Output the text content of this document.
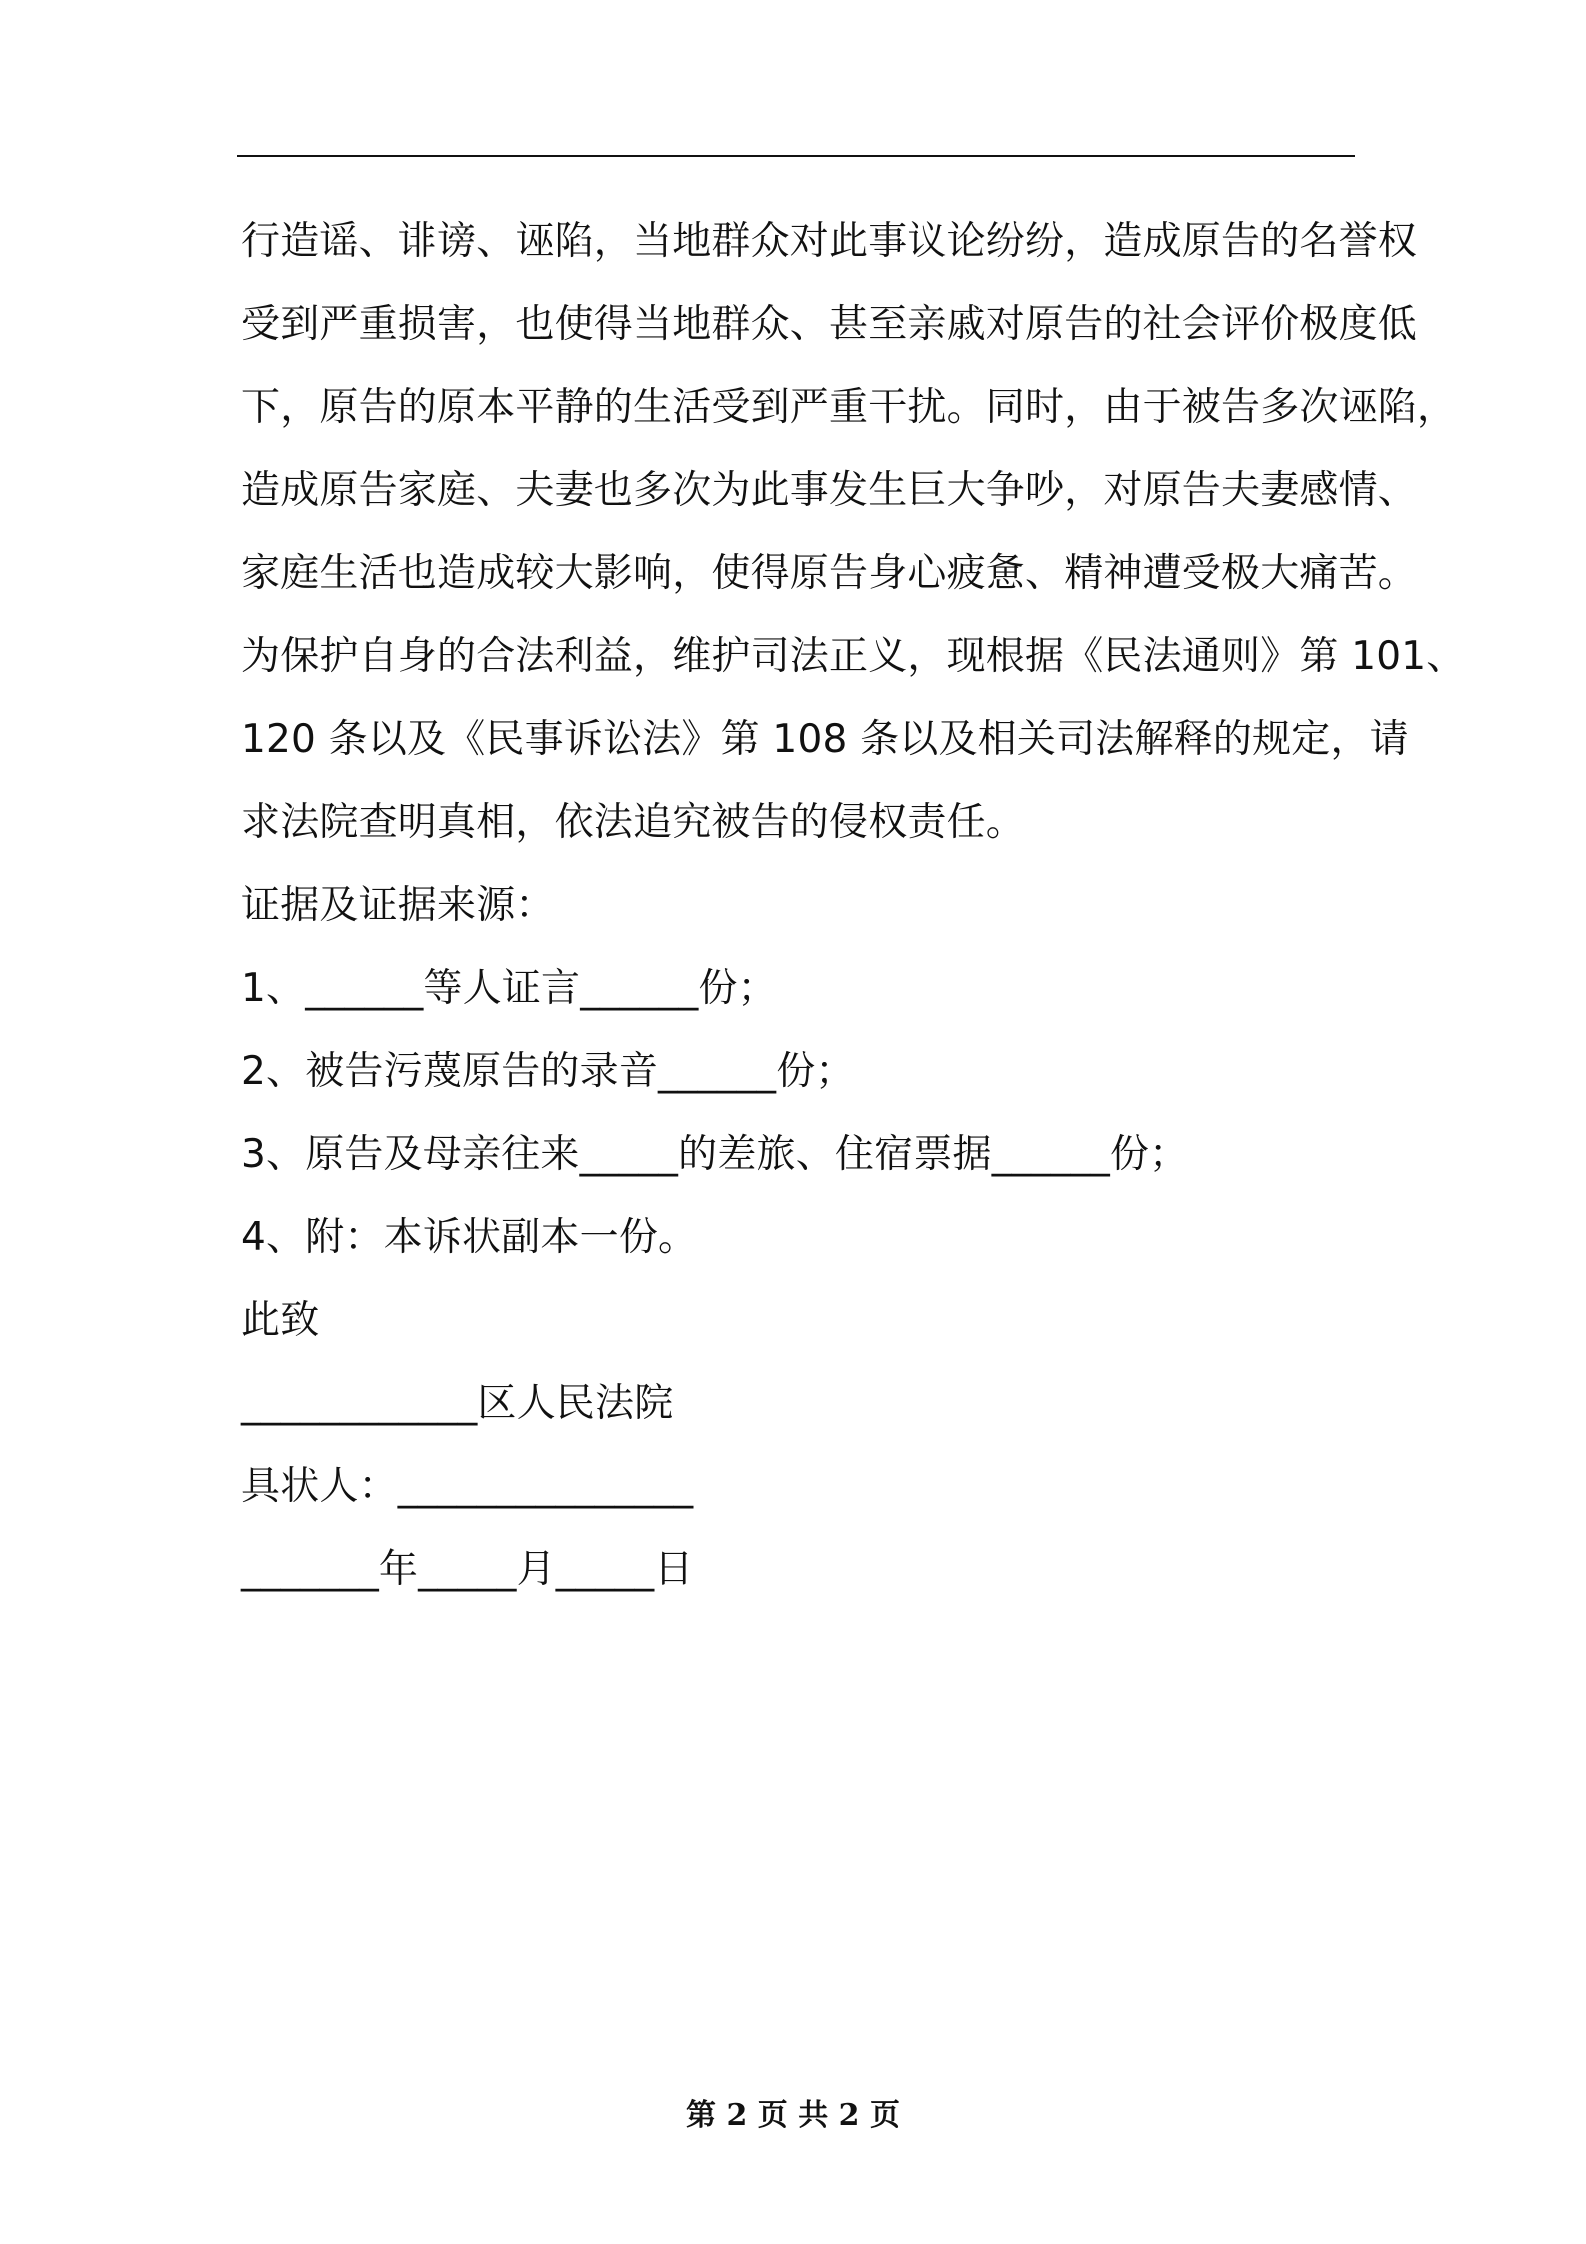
行造谣、诽谤、诬陷，当地群众对此事议论纷纷，造成原告的名誉权
受到严重损害，也使得当地群众、甚至亲戚对原告的社会评价极度低
下，原告的原本平静的生活受到严重干扰。同时，由于被告多次诬陷，
造成原告家庭、夫妻也多次为此事发生巨大争吵，对原告夫妻感情、
家庭生活也造成较大影响，使得原告身心疲惫、精神遭受极大痛苦。
为保护自身的合法利益，维护司法正义，现根据《民法通则》第 101、
120 条以及《民事诉讼法》第 108 条以及相关司法解释的规定，请
求法院查明真相，依法追究被告的侵权责任。
证据及证据来源：
1、______等人证言______份；
2、被告污蔑原告的录音______份；
3、原告及母亲往来_____的差旅、住宿票据______份；
4、附：本诉状副本一份。
此致
____________区人民法院
具状人：_______________
_______年_____月_____日
第 2 页 共 2 页
